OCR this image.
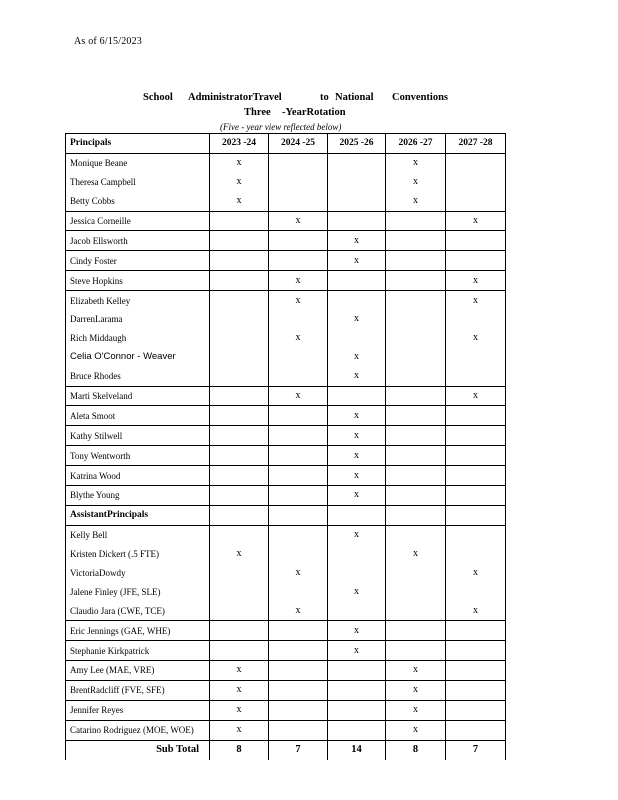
As of 6/15/2023
School AdministratorTravel	to National Conventions
Three -YearRotation
(Five - year view reflected below)
Principals	2023 -24	2024 -25	2025 -26	2026 -27	2027 -28
Monique Beane	x			x	
Theresa Campbell	x			x	
Betty Cobbs	x			x	
Jessica Corneille		x			x
Jacob Ellsworth			x		
Cindy Foster			x		
Steve Hopkins		x			x
Elizabeth Kelley		x			x
DarrenLarama			x		
Rich Middaugh		x			x
Celia O'Connor - Weaver			x		
Bruce Rhodes			x		
Marti Skelveland		x			x
Aleta Smoot			x		
Kathy Stilwell			x		
Tony Wentworth			x		
Katrina Wood			x		
Blythe Young			x		
AssistantPrincipals					
Kelly Bell			x		
Kristen Dickert (.5 FTE)	x			x	
VictoriaDowdy		x			x
Jalene Finley (JFE, SLE)			x		
Claudio Jara (CWE, TCE)		x			x
Eric Jennings (GAE, WHE)			x		
Stephanie Kirkpatrick			x		
Amy Lee (MAE, VRE)	x			x	
BrentRadcliff (FVE, SFE)	x			x	
Jennifer Reyes	x			x	
Catarino Rodriguez (MOE, WOE)	x			x	
Sub Total	8	7	14	8	7
